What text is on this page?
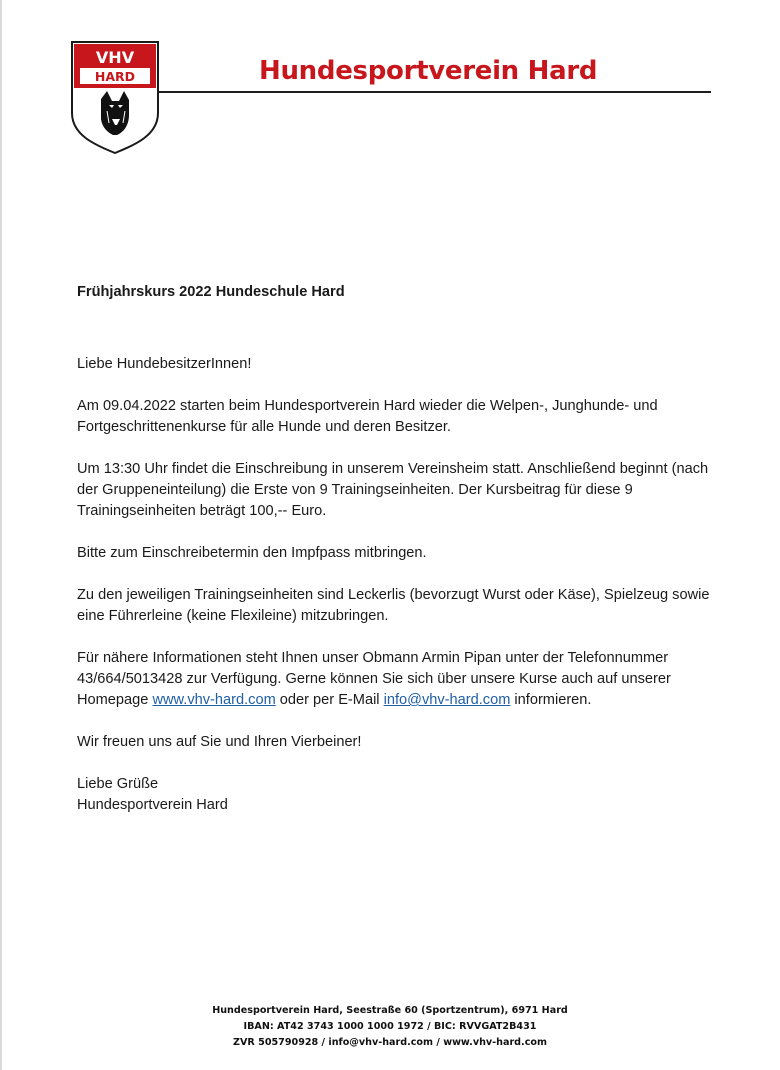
VHV
HARD	Hundesportverein Hard

Frühjahrskurs 2022 Hundeschule Hard

Liebe HundebesitzerInnen!

Am 09.04.2022 starten beim Hundesportverein Hard wieder die Welpen-, Junghunde- und Fortgeschrittenenkurse für alle Hunde und deren Besitzer.

Um 13:30 Uhr findet die Einschreibung in unserem Vereinsheim statt. Anschließend beginnt (nach der Gruppeneinteilung) die Erste von 9 Trainingseinheiten. Der Kursbeitrag für diese 9 Trainingseinheiten beträgt 100,-- Euro.

Bitte zum Einschreibetermin den Impfpass mitbringen.

Zu den jeweiligen Trainingseinheiten sind Leckerlis (bevorzugt Wurst oder Käse), Spielzeug sowie eine Führerleine (keine Flexileine) mitzubringen.

Für nähere Informationen steht Ihnen unser Obmann Armin Pipan unter der Telefonnummer 43/664/5013428 zur Verfügung. Gerne können Sie sich über unsere Kurse auch auf unserer Homepage www.vhv-hard.com oder per E-Mail info@vhv-hard.com informieren.

Wir freuen uns auf Sie und Ihren Vierbeiner!

Liebe Grüße

Hundesportverein Hard

Hundesportverein Hard, Seestraße 60 (Sportzentrum), 6971 Hard
IBAN: AT42 3743 1000 1000 1972 / BIC: RVVGAT2B431
ZVR 505790928 / info@vhv-hard.com / www.vhv-hard.com
